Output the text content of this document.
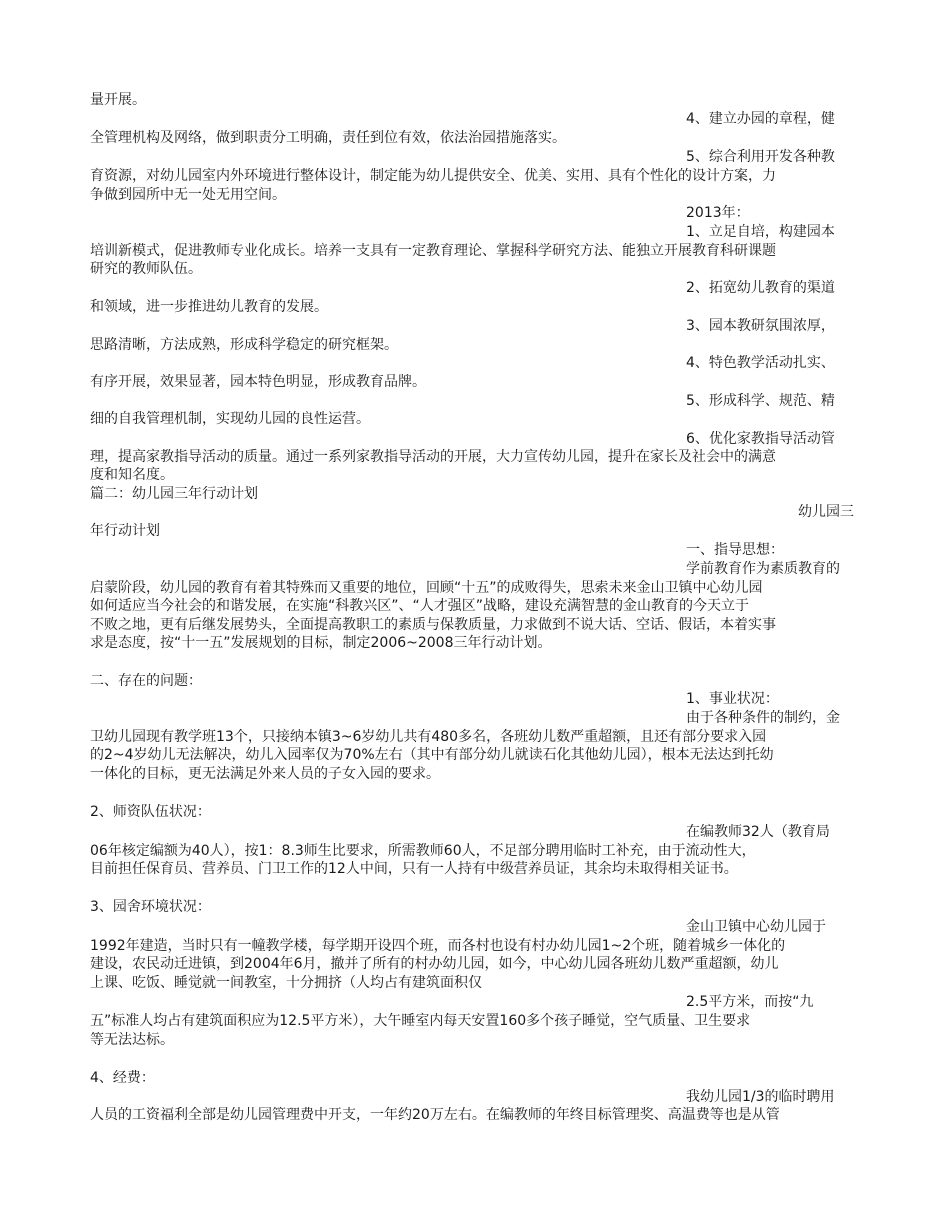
量开展。
4、建立办园的章程，健
全管理机构及网络，做到职责分工明确，责任到位有效，依法治园措施落实。
5、综合利用开发各种教
育资源，对幼儿园室内外环境进行整体设计，制定能为幼儿提供安全、优美、实用、具有个性化的设计方案，力
争做到园所中无一处无用空间。
2013年：
1、立足自培，构建园本
培训新模式，促进教师专业化成长。培养一支具有一定教育理论、掌握科学研究方法、能独立开展教育科研课题
研究的教师队伍。
2、拓宽幼儿教育的渠道
和领域，进一步推进幼儿教育的发展。
3、园本教研氛围浓厚，
思路清晰，方法成熟，形成科学稳定的研究框架。
4、特色教学活动扎实、
有序开展，效果显著，园本特色明显，形成教育品牌。
5、形成科学、规范、精
细的自我管理机制，实现幼儿园的良性运营。
6、优化家教指导活动管
理，提高家教指导活动的质量。通过一系列家教指导活动的开展，大力宣传幼儿园，提升在家长及社会中的满意
度和知名度。
篇二：幼儿园三年行动计划
幼儿园三
年行动计划
一、指导思想：
学前教育作为素质教育的
启蒙阶段，幼儿园的教育有着其特殊而又重要的地位，回顾“十五”的成败得失，思索未来金山卫镇中心幼儿园
如何适应当今社会的和谐发展，在实施“科教兴区”、“人才强区”战略，建设充满智慧的金山教育的今天立于
不败之地，更有后继发展势头，全面提高教职工的素质与保教质量，力求做到不说大话、空话、假话，本着实事
求是态度，按“十一五”发展规划的目标，制定2006~2008三年行动计划。
二、存在的问题：
1、事业状况：
由于各种条件的制约，金
卫幼儿园现有教学班13个，只接纳本镇3~6岁幼儿共有480多名，各班幼儿数严重超额，且还有部分要求入园
的2~4岁幼儿无法解决，幼儿入园率仅为70%左右（其中有部分幼儿就读石化其他幼儿园），根本无法达到托幼
一体化的目标，更无法满足外来人员的子女入园的要求。
2、师资队伍状况：
在编教师32人（教育局
06年核定编额为40人），按1：8.3师生比要求，所需教师60人，不足部分聘用临时工补充，由于流动性大，
目前担任保育员、营养员、门卫工作的12人中间，只有一人持有中级营养员证，其余均未取得相关证书。
3、园舍环境状况：
金山卫镇中心幼儿园于
1992年建造，当时只有一幢教学楼，每学期开设四个班，而各村也设有村办幼儿园1~2个班，随着城乡一体化的
建设，农民动迁进镇，到2004年6月，撤并了所有的村办幼儿园，如今，中心幼儿园各班幼儿数严重超额，幼儿
上课、吃饭、睡觉就一间教室，十分拥挤（人均占有建筑面积仅
2.5平方米，而按“九
五”标准人均占有建筑面积应为12.5平方米），大午睡室内每天安置160多个孩子睡觉，空气质量、卫生要求
等无法达标。
4、经费：
我幼儿园1/3的临时聘用
人员的工资福利全部是幼儿园管理费中开支，一年约20万左右。在编教师的年终目标管理奖、高温费等也是从管
